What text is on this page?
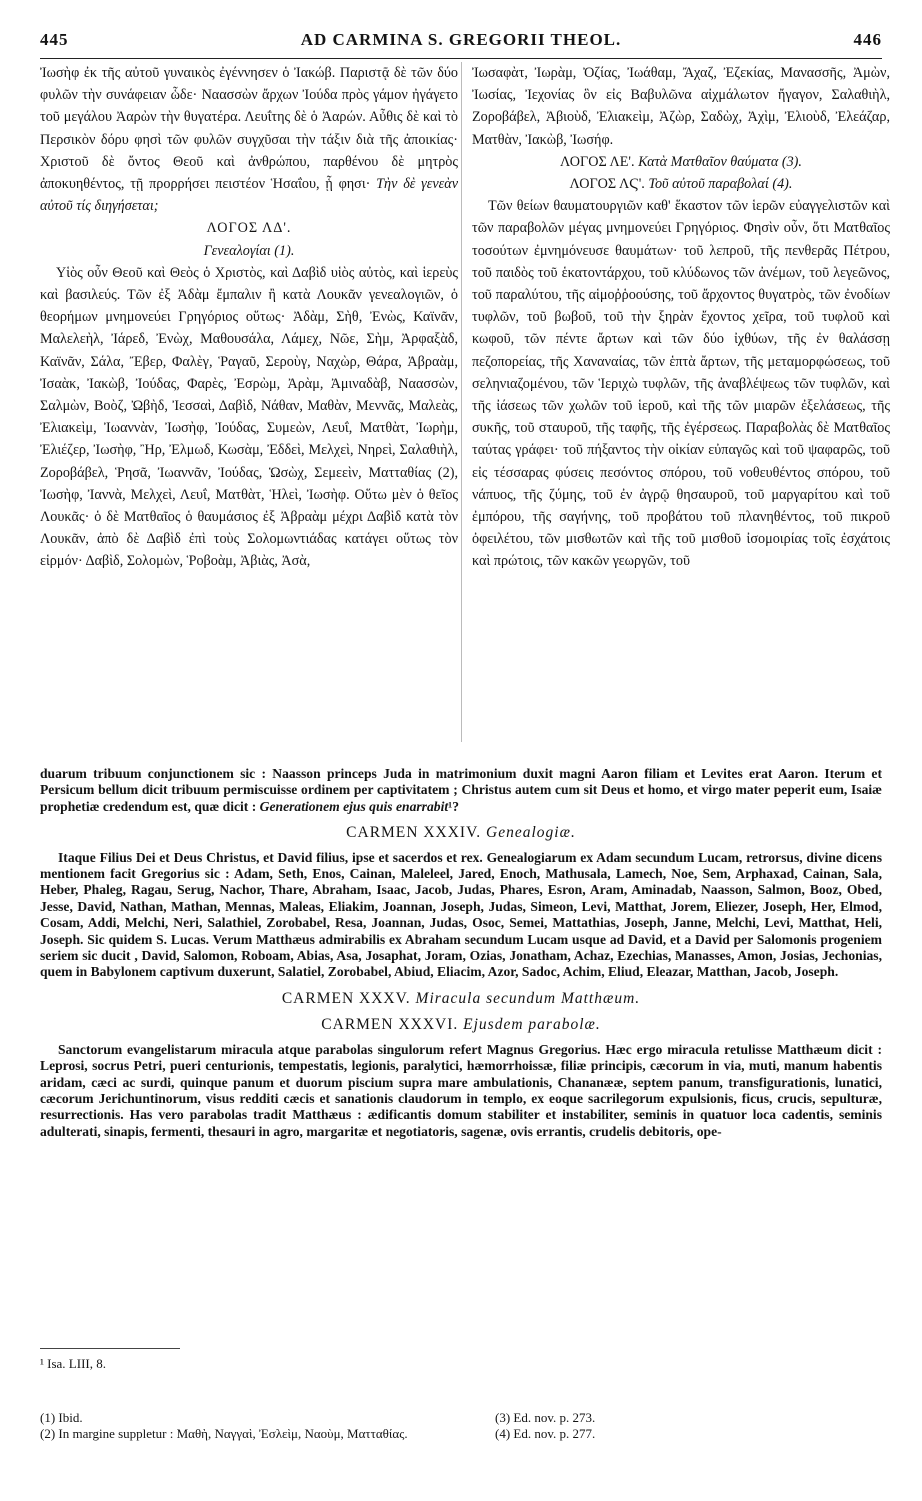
445	AD CARMINA S. GREGORII THEOL.	446

Ἰωσὴφ ἐκ τῆς αὐτοῦ γυναικὸς ἐγέννησεν ὁ Ἰακώβ. Παριστᾷ δὲ τῶν δύο φυλῶν τὴν συνάφειαν ὧδε· Ναασσὼν ἄρχων Ἰούδα πρὸς γάμον ἠγάγετο τοῦ μεγάλου Ἀαρὼν τὴν θυγατέρα. Λευΐτης δὲ ὁ Ἀαρών. Αὖθις δὲ καὶ τὸ Περσικὸν δόρυ φησὶ τῶν φυλῶν συγχῦσαι τὴν τάξιν διὰ τῆς ἀποικίας· Χριστοῦ δὲ ὄντος Θεοῦ καὶ ἀνθρώπου, παρθένου δὲ μητρὸς ἀποκυηθέντος, τῇ προρρήσει πειστέον Ἡσαΐου, ᾗ φησι· Τὴν δὲ γενεὰν αὐτοῦ τίς διηγήσεται;

ΛΟΓΟΣ ΛΔ'.

Γενεαλογίαι (1).

Υἱὸς οὖν Θεοῦ καὶ Θεὸς ὁ Χριστὸς, καὶ Δαβὶδ υἱὸς αὐτὸς, καὶ ἱερεὺς καὶ βασιλεύς. Τῶν ἐξ Ἀδὰμ ἔμπαλιν ἢ κατὰ Λουκᾶν γενεαλογιῶν, ὁ θεορήμων μνημονεύει Γρηγόριος οὕτως· Ἀδὰμ, Σὴθ, Ἐνὼς, Καϊνᾶν, Μαλελεὴλ, Ἰάρεδ, Ἐνὼχ, Μαθουσάλα, Λάμεχ, Νῶε, Σὴμ, Ἀρφαξὰδ, Καϊνᾶν, Σάλα, Ἔβερ, Φαλὲγ, Ῥαγαῦ, Σεροὺγ, Ναχὼρ, Θάρα, Ἀβραὰμ, Ἰσαὰκ, Ἰακὼβ, Ἰούδας, Φαρὲς, Ἐσρὼμ, Ἀρὰμ, Ἀμιναδὰβ, Ναασσὼν, Σαλμὼν, Βοὸζ, Ὠβὴδ, Ἰεσσαὶ, Δαβὶδ, Νάθαν, Μαθὰν, Μεννᾶς, Μαλεὰς, Ἐλιακεὶμ, Ἰωαννὰν, Ἰωσὴφ, Ἰούδας, Συμεὼν, Λευΐ, Ματθὰτ, Ἰωρὴμ, Ἐλιέζερ, Ἰωσὴφ, Ἢρ, Ἐλμωδ, Κωσὰμ, Ἐδδεὶ, Μελχεὶ, Νηρεὶ, Σαλαθιὴλ, Ζοροβάβελ, Ῥησᾶ, Ἰωαννᾶν, Ἰούδας, Ὡσὼχ, Σεμεεὶν, Ματταθίας (2), Ἰωσὴφ, Ἰαννὰ, Μελχεὶ, Λευΐ, Ματθὰτ, Ἡλεὶ, Ἰωσὴφ. Οὕτω μὲν ὁ θεῖος Λουκᾶς· ὁ δὲ Ματθαῖος ὁ θαυμάσιος ἐξ Ἀβραὰμ μέχρι Δαβὶδ κατὰ τὸν Λουκᾶν, ἀπὸ δὲ Δαβὶδ ἐπὶ τοὺς Σολομωντιάδας κατάγει οὕτως τὸν εἱρμόν· Δαβὶδ, Σολομὼν, Ῥοβοὰμ, Ἀβιὰς, Ἀσὰ,

Ἰωσαφὰτ, Ἰωρὰμ, Ὀζίας, Ἰωάθαμ, Ἄχαζ, Ἐζεκίας, Μανασσῆς, Ἀμὼν, Ἰωσίας, Ἰεχονίας ὃν εἰς Βαβυλῶνα αἰχμάλωτον ἤγαγον, Σαλαθιὴλ, Ζοροβάβελ, Ἀβιοὺδ, Ἐλιακεὶμ, Ἀζὼρ, Σαδὼχ, Ἀχὶμ, Ἐλιοὺδ, Ἐλεάζαρ, Ματθὰν, Ἰακὼβ, Ἰωσήφ.

ΛΟΓΟΣ ΛΕ'. Κατὰ Ματθαῖον θαύματα (3).

ΛΟΓΟΣ ΛϚ'. Τοῦ αὐτοῦ παραβολαί (4).

Τῶν θείων θαυματουργιῶν καθ' ἕκαστον τῶν ἱερῶν εὐαγγελιστῶν καὶ τῶν παραβολῶν μέγας μνημονεύει Γρηγόριος. Φησὶν οὖν, ὅτι Ματθαῖος τοσούτων ἐμνημόνευσε θαυμάτων· τοῦ λεπροῦ, τῆς πενθερᾶς Πέτρου, τοῦ παιδὸς τοῦ ἑκατοντάρχου, τοῦ κλύδωνος τῶν ἀνέμων, τοῦ λεγεῶνος, τοῦ παραλύτου, τῆς αἱμοῤῥοούσης, τοῦ ἄρχοντος θυγατρὸς, τῶν ἐνοδίων τυφλῶν, τοῦ βωβοῦ, τοῦ τὴν ξηρὰν ἔχοντος χεῖρα, τοῦ τυφλοῦ καὶ κωφοῦ, τῶν πέντε ἄρτων καὶ τῶν δύο ἰχθύων, τῆς ἐν θαλάσσῃ πεζοπορείας, τῆς Χαναναίας, τῶν ἑπτὰ ἄρτων, τῆς μεταμορφώσεως, τοῦ σεληνιαζομένου, τῶν Ἱεριχὼ τυφλῶν, τῆς ἀναβλέψεως τῶν τυφλῶν, καὶ τῆς ἰάσεως τῶν χωλῶν τοῦ ἱεροῦ, καὶ τῆς τῶν μιαρῶν ἐξελάσεως, τῆς συκῆς, τοῦ σταυροῦ, τῆς ταφῆς, τῆς ἐγέρσεως. Παραβολὰς δὲ Ματθαῖος ταύτας γράφει· τοῦ πήξαντος τὴν οἰκίαν εὐπαγῶς καὶ τοῦ ψαφαρῶς, τοῦ εἰς τέσσαρας φύσεις πεσόντος σπόρου, τοῦ νοθευθέντος σπόρου, τοῦ νάπυος, τῆς ζύμης, τοῦ ἐν ἀγρῷ θησαυροῦ, τοῦ μαργαρίτου καὶ τοῦ ἐμπόρου, τῆς σαγήνης, τοῦ προβάτου τοῦ πλανηθέντος, τοῦ πικροῦ ὀφειλέτου, τῶν μισθωτῶν καὶ τῆς τοῦ μισθοῦ ἰσομοιρίας τοῖς ἐσχάτοις καὶ πρώτοις, τῶν κακῶν γεωργῶν, τοῦ

duarum tribuum conjunctionem sic : Naasson princeps Juda in matrimonium duxit magni Aaron filiam et Levites erat Aaron. Iterum et Persicum bellum dicit tribuum permiscuisse ordinem per captivitatem ; Christus autem cum sit Deus et homo, et virgo mater peperit eum, Isaiæ prophetiæ credendum est, quæ dicit : Generationem ejus quis enarrabit¹?

CARMEN XXXIV. Genealogiæ.

Itaque Filius Dei et Deus Christus, et David filius, ipse et sacerdos et rex. Genealogiarum ex Adam secundum Lucam, retrorsus, divine dicens mentionem facit Gregorius sic : Adam, Seth, Enos, Cainan, Maleleel, Jared, Enoch, Mathusala, Lamech, Noe, Sem, Arphaxad, Cainan, Sala, Heber, Phaleg, Ragau, Serug, Nachor, Thare, Abraham, Isaac, Jacob, Judas, Phares, Esron, Aram, Aminadab, Naasson, Salmon, Booz, Obed, Jesse, David, Nathan, Mathan, Mennas, Maleas, Eliakim, Joannan, Joseph, Judas, Simeon, Levi, Matthat, Jorem, Eliezer, Joseph, Her, Elmod, Cosam, Addi, Melchi, Neri, Salathiel, Zorobabel, Resa, Joannan, Judas, Osoc, Semei, Mattathias, Joseph, Janne, Melchi, Levi, Matthat, Heli, Joseph. Sic quidem S. Lucas. Verum Matthæus admirabilis ex Abraham secundum Lucam usque ad David, et a David per Salomonis progeniem seriem sic ducit , David, Salomon, Roboam, Abias, Asa, Josaphat, Joram, Ozias, Jonatham, Achaz, Ezechias, Manasses, Amon, Josias, Jechonias, quem in Babylonem captivum duxerunt, Salatiel, Zorobabel, Abiud, Eliacim, Azor, Sadoc, Achim, Eliud, Eleazar, Matthan, Jacob, Joseph.

CARMEN XXXV. Miracula secundum Matthæum.

CARMEN XXXVI. Ejusdem parabolæ.

Sanctorum evangelistarum miracula atque parabolas singulorum refert Magnus Gregorius. Hæc ergo miracula retulisse Matthæum dicit : Leprosi, socrus Petri, pueri centurionis, tempestatis, legionis, paralytici, hæmorrhoissæ, filiæ principis, cæcorum in via, muti, manum habentis aridam, cæci ac surdi, quinque panum et duorum piscium supra mare ambulationis, Chananææ, septem panum, transfigurationis, lunatici, cæcorum Jerichuntinorum, visus redditi cæcis et sanationis claudorum in templo, ex eoque sacrilegorum expulsionis, ficus, crucis, sepulturæ, resurrectionis. Has vero parabolas tradit Matthæus : ædificantis domum stabiliter et instabiliter, seminis in quatuor loca cadentis, seminis adulterati, sinapis, fermenti, thesauri in agro, margaritæ et negotiatoris, sagenæ, ovis errantis, crudelis debitoris, ope-

¹ Isa. LIII, 8.

(1) Ibid.

(2) In margine suppletur : Μαθὴ, Ναγγαὶ, Ἐσλεὶμ, Ναοὺμ, Ματταθίας.

(3) Ed. nov. p. 273.

(4) Ed. nov. p. 277.
